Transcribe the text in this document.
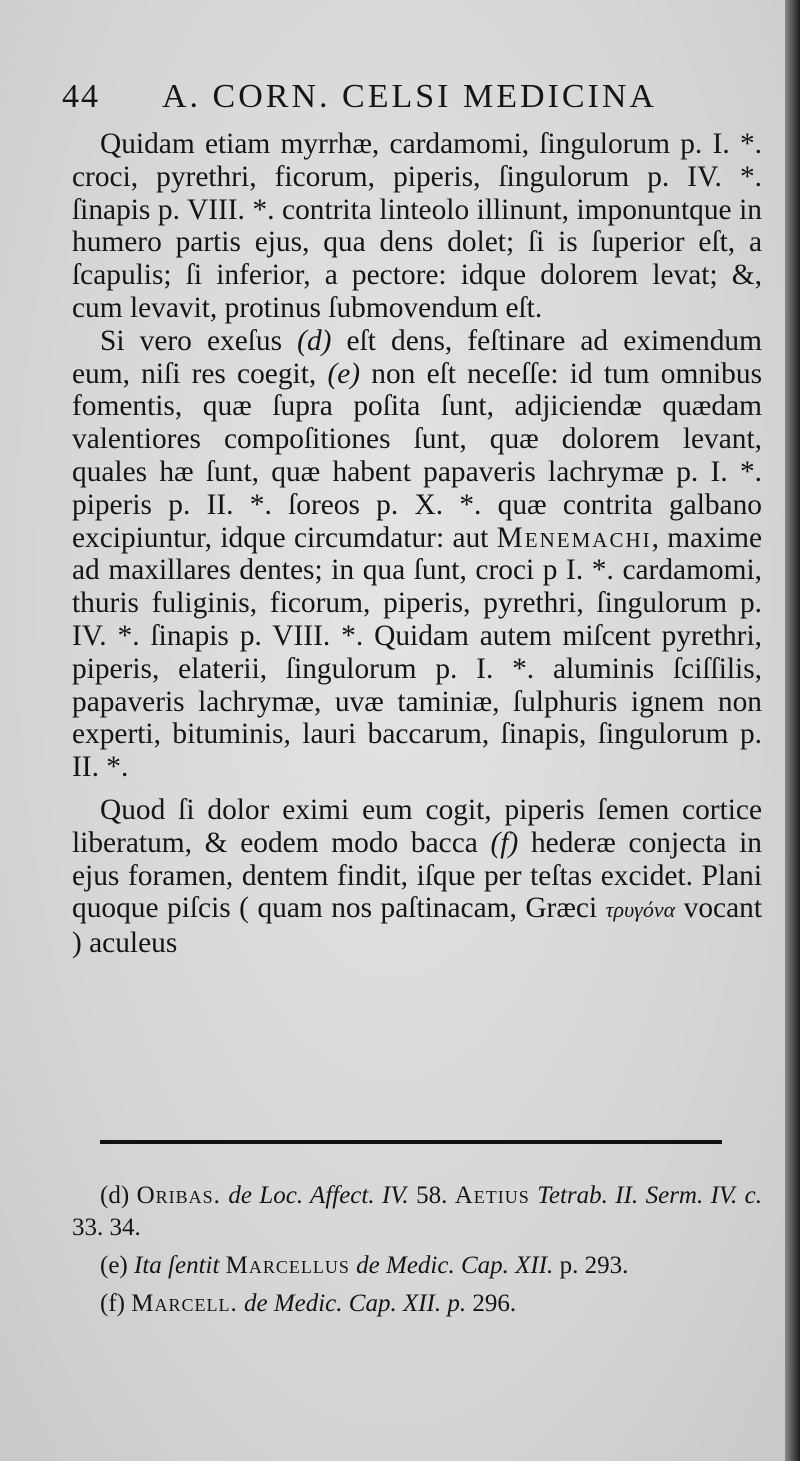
44 A. CORN. CELSI MEDICINA

Quidam etiam myrrhæ, cardamomi, ſingulorum p. I. *. croci, pyrethri, ficorum, piperis, ſingulorum p. IV. *. ſinapis p. VIII. *. contrita linteolo illinunt, imponuntque in humero partis ejus, qua dens dolet; ſi is ſuperior eſt, a ſcapulis; ſi inferior, a pectore: idque dolorem levat; &, cum levavit, protinus ſubmovendum eſt.

Si vero exeſus (d) eſt dens, feſtinare ad eximendum eum, niſi res coegit, (e) non eſt neceſſe: id tum omnibus fomentis, quæ ſupra poſita ſunt, adjiciendæ quædam valentiores compoſitiones ſunt, quæ dolorem levant, quales hæ ſunt, quæ habent papaveris lachrymæ p. I. *. piperis p. II. *. ſoreos p. X. *. quæ contrita galbano excipiuntur, idque circumdatur: aut Menemachi, maxime ad maxillares dentes; in qua ſunt, croci p I. *. cardamomi, thuris fuliginis, ficorum, piperis, pyrethri, ſingulorum p. IV. *. ſinapis p. VIII. *. Quidam autem miſcent pyrethri, piperis, elaterii, ſingulorum p. I. *. aluminis ſciſſilis, papaveris lachrymæ, uvæ taminiæ, ſulphuris ignem non experti, bituminis, lauri baccarum, ſinapis, ſingulorum p. II. *.

Quod ſi dolor eximi eum cogit, piperis ſemen cortice liberatum, & eodem modo bacca (f) hederæ conjecta in ejus foramen, dentem findit, iſque per teſtas excidet. Plani quoque piſcis ( quam nos paſtinacam, Græci τρυγόνα vocant ) aculeus

(d) Oribas. de Loc. Affect. IV. 58. Aetius Tetrab. II. Serm. IV. c. 33. 34.

(e) Ita ſentit Marcellus de Medic. Cap. XII. p. 293.

(f) Marcell. de Medic. Cap. XII. p. 296.
